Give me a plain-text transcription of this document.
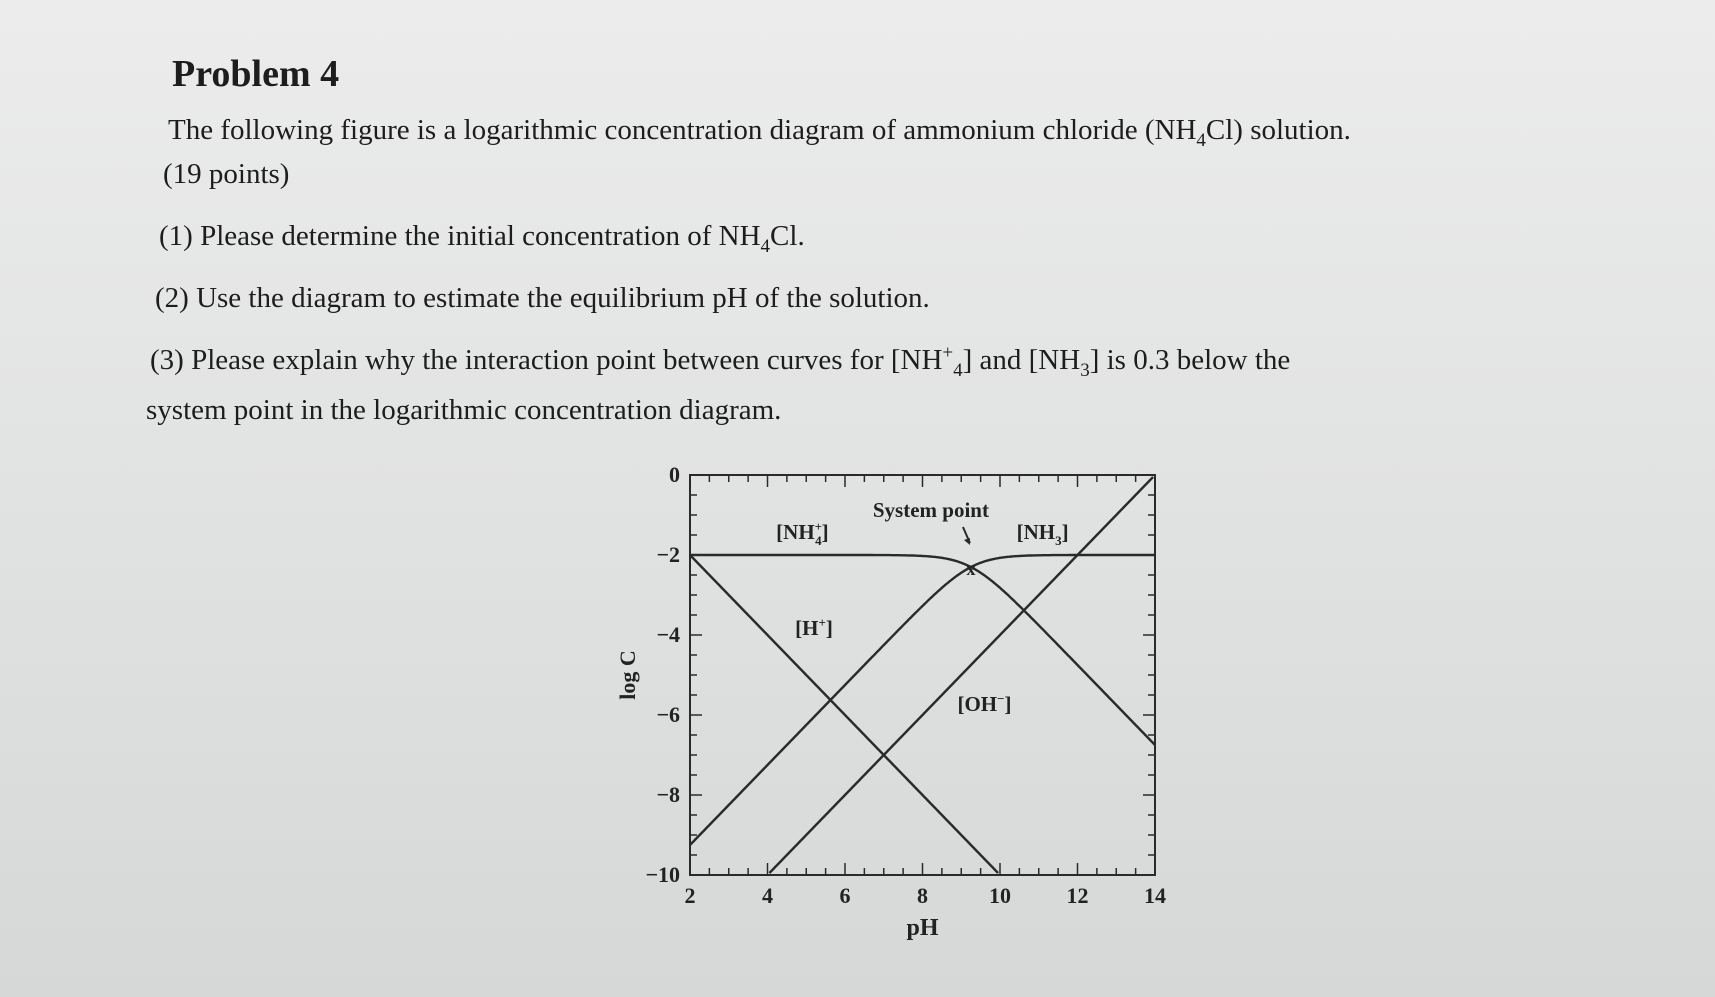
Problem 4
The following figure is a logarithmic concentration diagram of ammonium chloride $(NH_4Cl)$ solution.
(19 points)
(1) Please determine the initial concentration of $NH_4Cl$.
(2) Use the diagram to estimate the equilibrium pH of the solution.
(3) Please explain why the interaction point between curves for $[NH^+_4]$ and $[NH_3]$ is 0.3 below the
system point in the logarithmic concentration diagram.
2	4	6	8	10	12	14
0
−2
−4
−6
−8
−10
pH
log C
[NH+ 4]	$[NH_3]$
[H+]
[OH−]
System point
x
